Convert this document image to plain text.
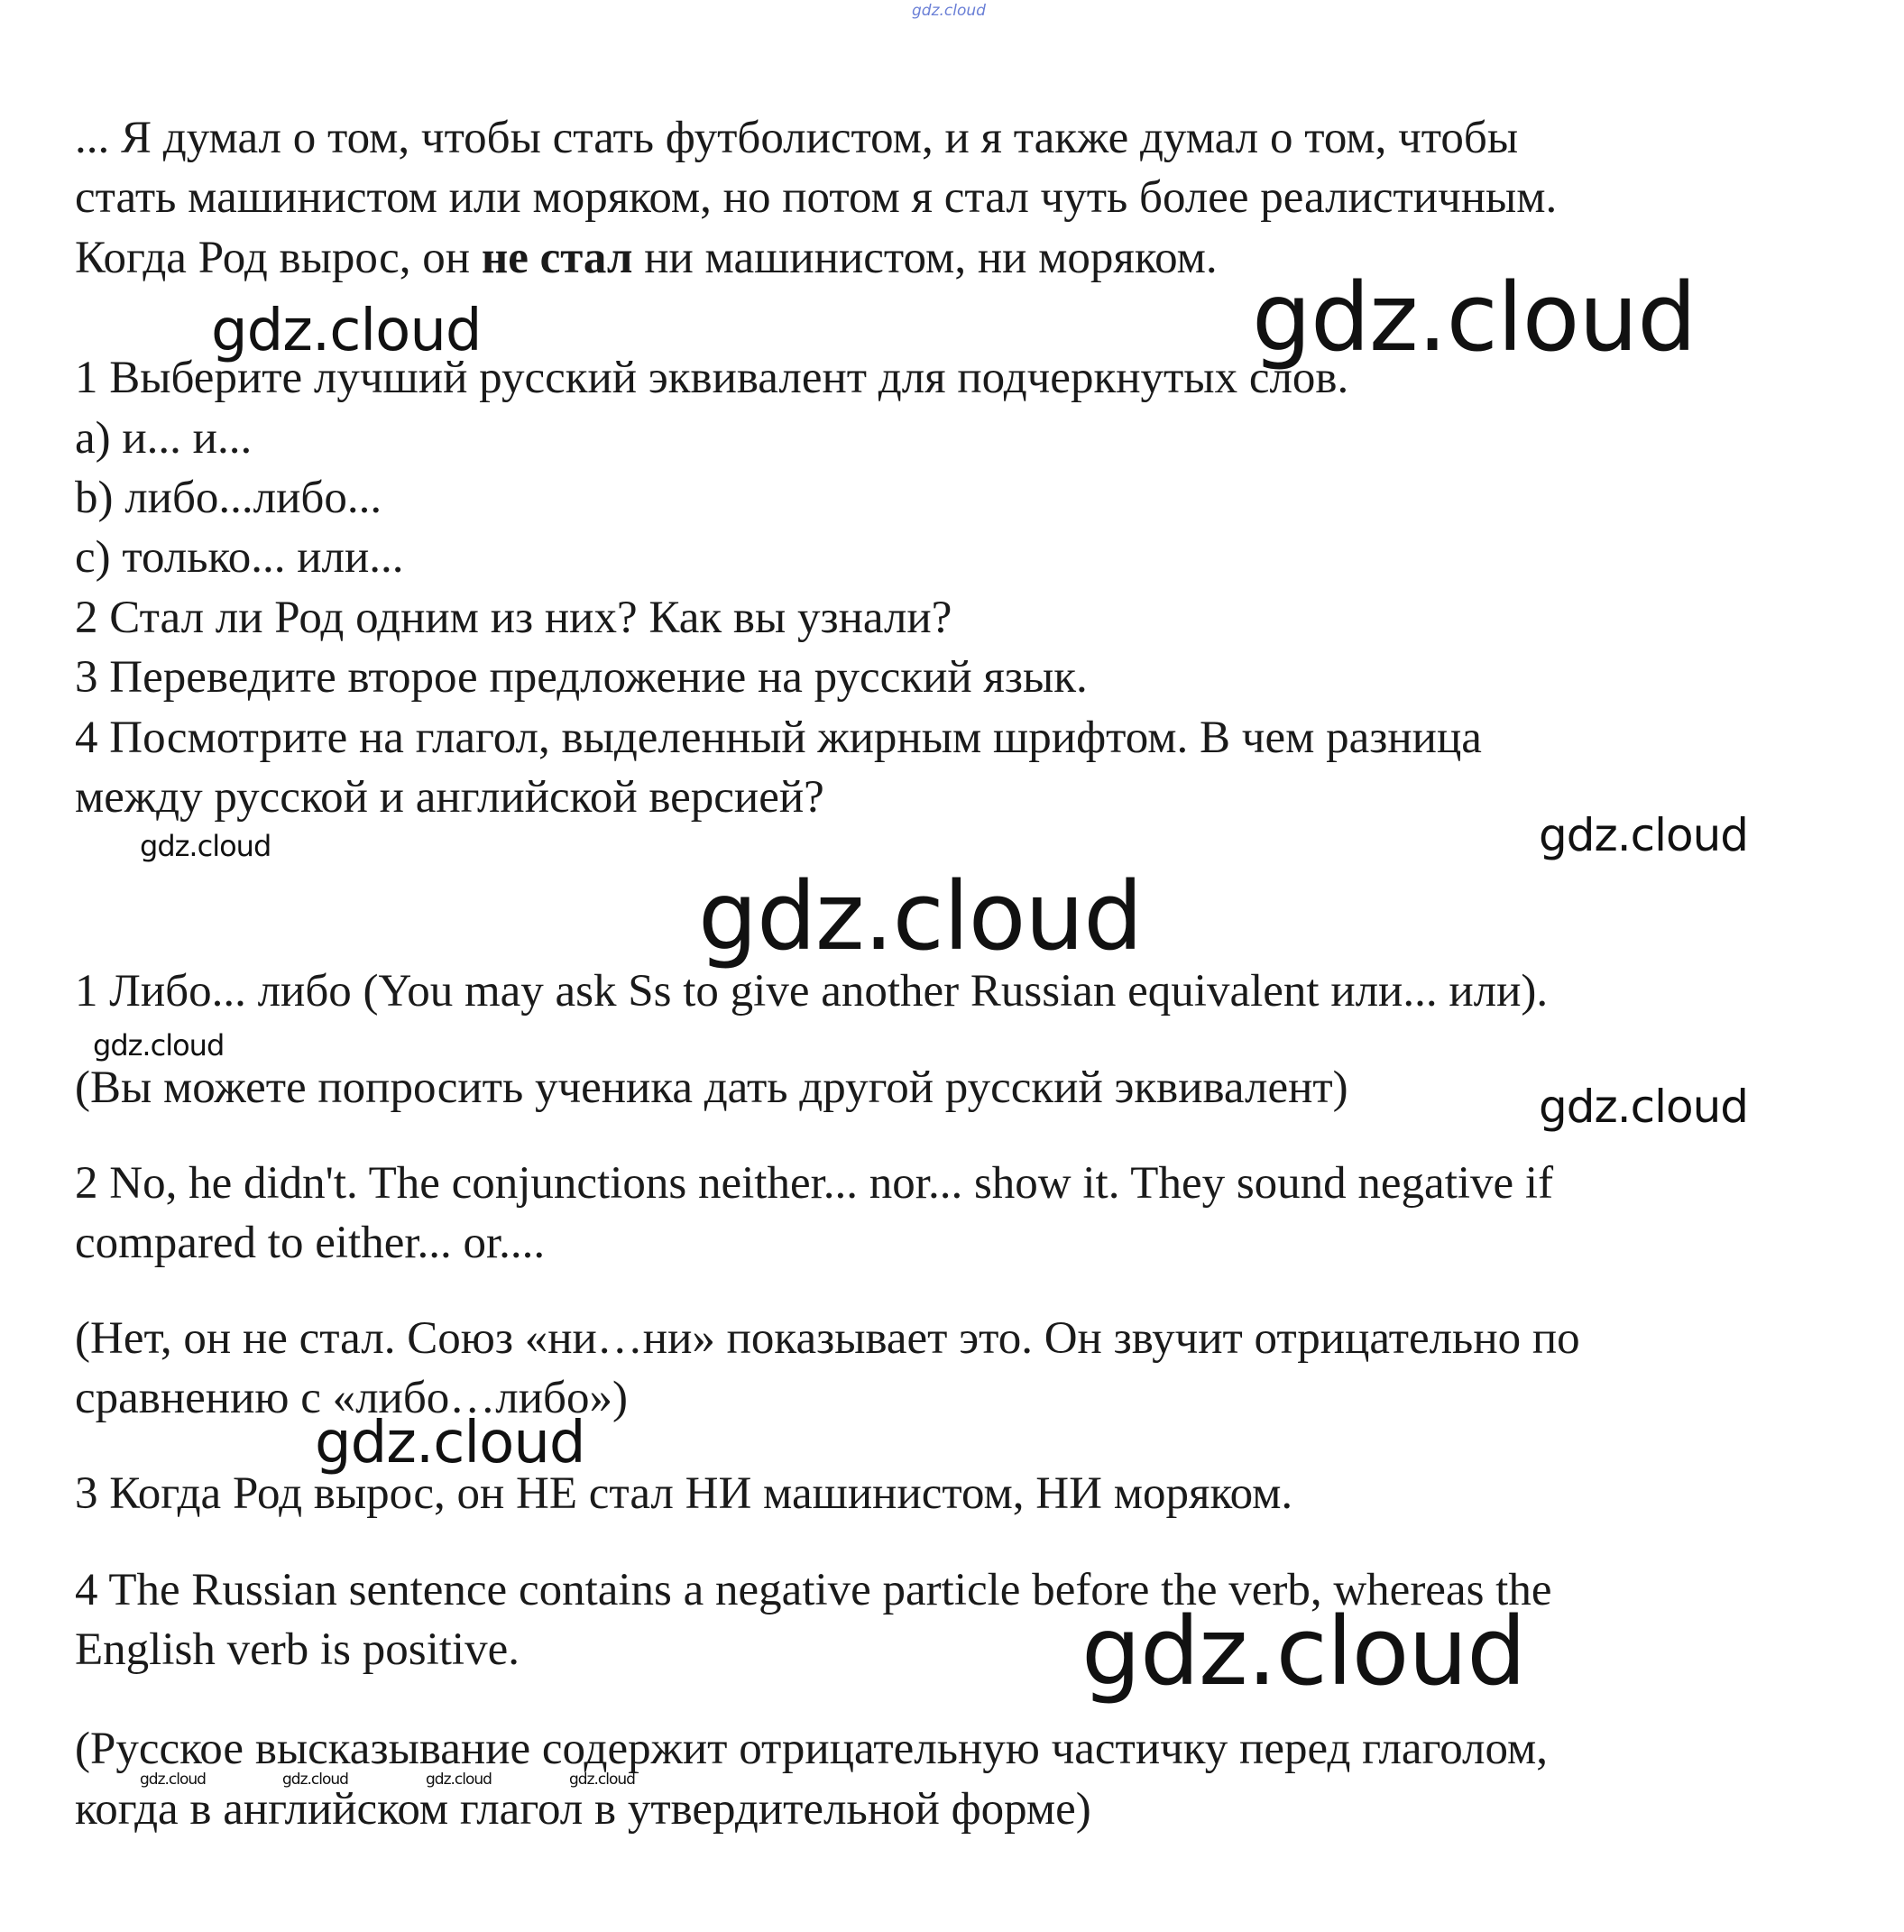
gdz.cloud
... Я думал о том, чтобы стать футболистом, и я также думал о том, чтобы
стать машинистом или моряком, но потом я стал чуть более реалистичным.
Когда Род вырос, он не стал ни машинистом, ни моряком.
1 Выберите лучший русский эквивалент для подчеркнутых слов.
a) и... и...
b) либо...либо...
c) только... или...
2 Стал ли Род одним из них? Как вы узнали?
3 Переведите второе предложение на русский язык.
4 Посмотрите на глагол, выделенный жирным шрифтом. В чем разница
между русской и английской версией?
1 Либо... либо (You may ask Ss to give another Russian equivalent или... или).
(Вы можете попросить ученика дать другой русский эквивалент)
2 No, he didn't. The conjunctions neither... nor... show it. They sound negative if
compared to either... or....
(Нет, он не стал. Союз «ни…ни» показывает это. Он звучит отрицательно по
сравнению с «либо…либо»)
3 Когда Род вырос, он НЕ стал НИ машинистом, НИ моряком.
4 The Russian sentence contains a negative particle before the verb, whereas the
English verb is positive.
(Русское высказывание содержит отрицательную частичку перед глаголом,
когда в английском глагол в утвердительной форме)
gdz.cloud	gdz.cloud
gdz.cloud	gdz.cloud
gdz.cloud
gdz.cloud
gdz.cloud
gdz.cloud
gdz.cloud
gdz.cloud	gdz.cloud	gdz.cloud	gdz.cloud
